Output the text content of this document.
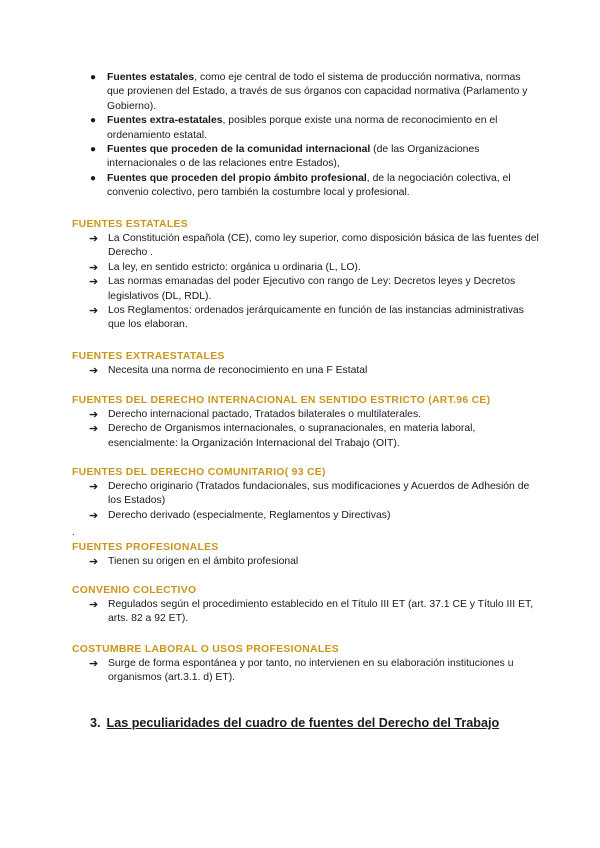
● Fuentes estatales, como eje central de todo el sistema de producción normativa, normas que provienen del Estado, a través de sus órganos con capacidad normativa (Parlamento y Gobierno).
● Fuentes extra-estatales, posibles porque existe una norma de reconocimiento en el ordenamiento estatal.
● Fuentes que proceden de la comunidad internacional (de las Organizaciones internacionales o de las relaciones entre Estados),
● Fuentes que proceden del propio ámbito profesional, de la negociación colectiva, el convenio colectivo, pero también la costumbre local y profesional.

FUENTES ESTATALES

➔ La Constitución española (CE), como ley superior, como disposición básica de las fuentes del Derecho .
➔ La ley, en sentido estricto: orgánica u ordinaria (L, LO).
➔ Las normas emanadas del poder Ejecutivo con rango de Ley: Decretos leyes y Decretos legislativos (DL, RDL).
➔ Los Reglamentos: ordenados jerárquicamente en función de las instancias administrativas que los elaboran.

FUENTES EXTRAESTATALES

➔ Necesita una norma de reconocimiento en una F Estatal

FUENTES DEL DERECHO INTERNACIONAL EN SENTIDO ESTRICTO (ART.96 CE)

➔ Derecho internacional pactado, Tratados bilaterales o multilaterales.
➔ Derecho de Organismos internacionales, o supranacionales, en materia laboral, esencialmente: la Organización Internacional del Trabajo (OIT).

FUENTES DEL DERECHO COMUNITARIO( 93 CE)

➔ Derecho originario (Tratados fundacionales, sus modificaciones y Acuerdos de Adhesión de los Estados)
➔ Derecho derivado (especialmente, Reglamentos y Directivas)
.

FUENTES PROFESIONALES

➔ Tienen su origen en el ámbito profesional

CONVENIO COLECTIVO

➔ Regulados según el procedimiento establecido en el Título III ET (art. 37.1 CE y Título III ET, arts. 82 a 92 ET).

COSTUMBRE LABORAL O USOS PROFESIONALES

➔ Surge de forma espontánea y por tanto, no intervienen en su elaboración instituciones u organismos (art.3.1. d) ET).
3. Las peculiaridades del cuadro de fuentes del Derecho del Trabajo
